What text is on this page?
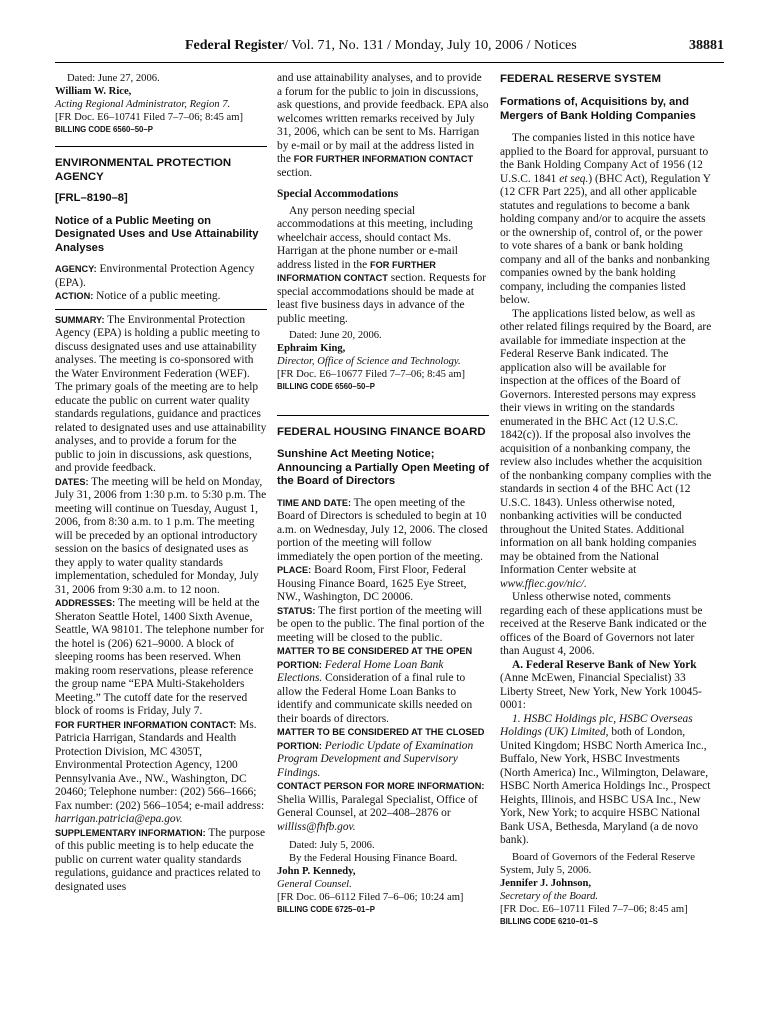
Federal Register/ Vol. 71, No. 131 / Monday, July 10, 2006 / Notices	38881

Dated: June 27, 2006.

William W. Rice,

Acting Regional Administrator, Region 7.

[FR Doc. E6–10741 Filed 7–7–06; 8:45 am]

BILLING CODE 6560–50–P

ENVIRONMENTAL PROTECTION AGENCY

[FRL–8190–8]

Notice of a Public Meeting on Designated Uses and Use Attainability Analyses

AGENCY: Environmental Protection Agency (EPA).

ACTION: Notice of a public meeting.

SUMMARY: The Environmental Protection Agency (EPA) is holding a public meeting to discuss designated uses and use attainability analyses. The meeting is co-sponsored with the Water Environment Federation (WEF). The primary goals of the meeting are to help educate the public on current water quality standards regulations, guidance and practices related to designated uses and use attainability analyses, and to provide a forum for the public to join in discussions, ask questions, and provide feedback.

DATES: The meeting will be held on Monday, July 31, 2006 from 1:30 p.m. to 5:30 p.m. The meeting will continue on Tuesday, August 1, 2006, from 8:30 a.m. to 1 p.m. The meeting will be preceded by an optional introductory session on the basics of designated uses as they apply to water quality standards implementation, scheduled for Monday, July 31, 2006 from 9:30 a.m. to 12 noon.

ADDRESSES: The meeting will be held at the Sheraton Seattle Hotel, 1400 Sixth Avenue, Seattle, WA 98101. The telephone number for the hotel is (206) 621–9000. A block of sleeping rooms has been reserved. When making room reservations, please reference the group name “EPA Multi-Stakeholders Meeting.” The cutoff date for the reserved block of rooms is Friday, July 7.

FOR FURTHER INFORMATION CONTACT: Ms. Patricia Harrigan, Standards and Health Protection Division, MC 4305T, Environmental Protection Agency, 1200 Pennsylvania Ave., NW., Washington, DC 20460; Telephone number: (202) 566–1666; Fax number: (202) 566–1054; e-mail address:
harrigan.patricia@epa.gov.

SUPPLEMENTARY INFORMATION: The purpose of this public meeting is to help educate the public on current water quality standards regulations, guidance and practices related to designated uses

and use attainability analyses, and to provide a forum for the public to join in discussions, ask questions, and provide feedback. EPA also welcomes written remarks received by July 31, 2006, which can be sent to Ms. Harrigan by e-mail or by mail at the address listed in the FOR FURTHER INFORMATION CONTACT section.

Special Accommodations

Any person needing special accommodations at this meeting, including wheelchair access, should contact Ms. Harrigan at the phone number or e-mail address listed in the FOR FURTHER INFORMATION CONTACT section. Requests for special accommodations should be made at least five business days in advance of the public meeting.

Dated: June 20, 2006.

Ephraim King,

Director, Office of Science and Technology.

[FR Doc. E6–10677 Filed 7–7–06; 8:45 am]

BILLING CODE 6560–50–P

FEDERAL HOUSING FINANCE BOARD

Sunshine Act Meeting Notice; Announcing a Partially Open Meeting of the Board of Directors

TIME AND DATE: The open meeting of the Board of Directors is scheduled to begin at 10 a.m. on Wednesday, July 12, 2006. The closed portion of the meeting will follow immediately the open portion of the meeting.

PLACE: Board Room, First Floor, Federal Housing Finance Board, 1625 Eye Street, NW., Washington, DC 20006.

STATUS: The first portion of the meeting will be open to the public. The final portion of the meeting will be closed to the public.

MATTER TO BE CONSIDERED AT THE OPEN PORTION: Federal Home Loan Bank Elections. Consideration of a final rule to allow the Federal Home Loan Banks to identify and communicate skills needed on their boards of directors.

MATTER TO BE CONSIDERED AT THE CLOSED PORTION: Periodic Update of Examination Program Development and Supervisory Findings.

CONTACT PERSON FOR MORE INFORMATION: Shelia Willis, Paralegal Specialist, Office of General Counsel, at 202–408–2876 or williss@fhfb.gov.

Dated: July 5, 2006.

By the Federal Housing Finance Board.

John P. Kennedy,

General Counsel.

[FR Doc. 06–6112 Filed 7–6–06; 10:24 am]

BILLING CODE 6725–01–P

FEDERAL RESERVE SYSTEM

Formations of, Acquisitions by, and Mergers of Bank Holding Companies

The companies listed in this notice have applied to the Board for approval, pursuant to the Bank Holding Company Act of 1956 (12 U.S.C. 1841 et seq.) (BHC Act), Regulation Y (12 CFR Part 225), and all other applicable statutes and regulations to become a bank holding company and/or to acquire the assets or the ownership of, control of, or the power to vote shares of a bank or bank holding company and all of the banks and nonbanking companies owned by the bank holding company, including the companies listed below.

The applications listed below, as well as other related filings required by the Board, are available for immediate inspection at the Federal Reserve Bank indicated. The application also will be available for inspection at the offices of the Board of Governors. Interested persons may express their views in writing on the standards enumerated in the BHC Act (12 U.S.C. 1842(c)). If the proposal also involves the acquisition of a nonbanking company, the review also includes whether the acquisition of the nonbanking company complies with the standards in section 4 of the BHC Act (12 U.S.C. 1843). Unless otherwise noted, nonbanking activities will be conducted throughout the United States. Additional information on all bank holding companies may be obtained from the National Information Center website at www.ffiec.gov/nic/.

Unless otherwise noted, comments regarding each of these applications must be received at the Reserve Bank indicated or the offices of the Board of Governors not later than August 4, 2006.

A. Federal Reserve Bank of New York (Anne McEwen, Financial Specialist) 33 Liberty Street, New York, New York 10045-0001:

1. HSBC Holdings plc, HSBC Overseas Holdings (UK) Limited, both of London, United Kingdom; HSBC North America Inc., Buffalo, New York, HSBC Investments (North America) Inc., Wilmington, Delaware, HSBC North America Holdings Inc., Prospect Heights, Illinois, and HSBC USA Inc., New York, New York; to acquire HSBC National Bank USA, Bethesda, Maryland (a de novo bank).

Board of Governors of the Federal Reserve System, July 5, 2006.

Jennifer J. Johnson,

Secretary of the Board.

[FR Doc. E6–10711 Filed 7–7–06; 8:45 am]

BILLING CODE 6210–01–S
